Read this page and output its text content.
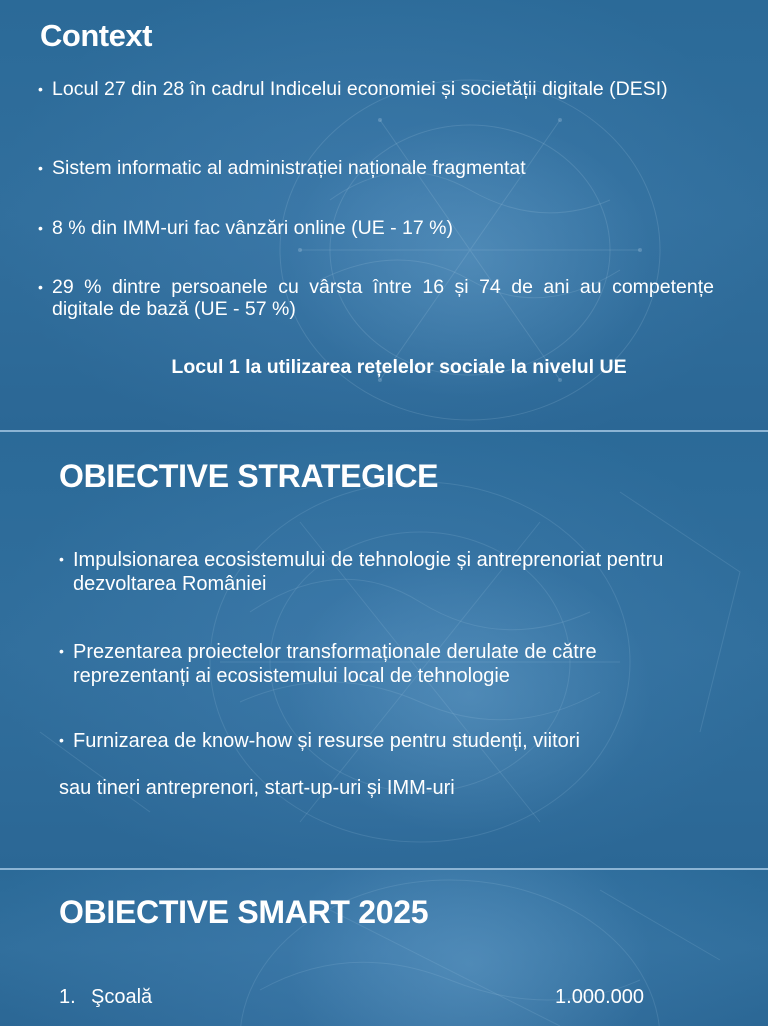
Context
• Locul 27 din 28 în cadrul Indicelui economiei și societății digitale (DESI)
• Sistem informatic al administrației naționale fragmentat
• 8 % din IMM-uri fac vânzări online (UE - 17 %)
• 29 % dintre persoanele cu vârsta între 16 și 74 de ani au competențe digitale de bază (UE - 57 %)
Locul 1 la utilizarea rețelelor sociale la nivelul UE
OBIECTIVE STRATEGICE
• Impulsionarea ecosistemului de tehnologie și antreprenoriat pentru dezvoltarea României
• Prezentarea proiectelor transformaționale derulate de către reprezentanți ai ecosistemului local de tehnologie
• Furnizarea de know-how și resurse pentru studenți, viitori
sau tineri antreprenori, start-up-uri și IMM-uri
OBIECTIVE SMART 2025
1. Şcoală	1.000.000
